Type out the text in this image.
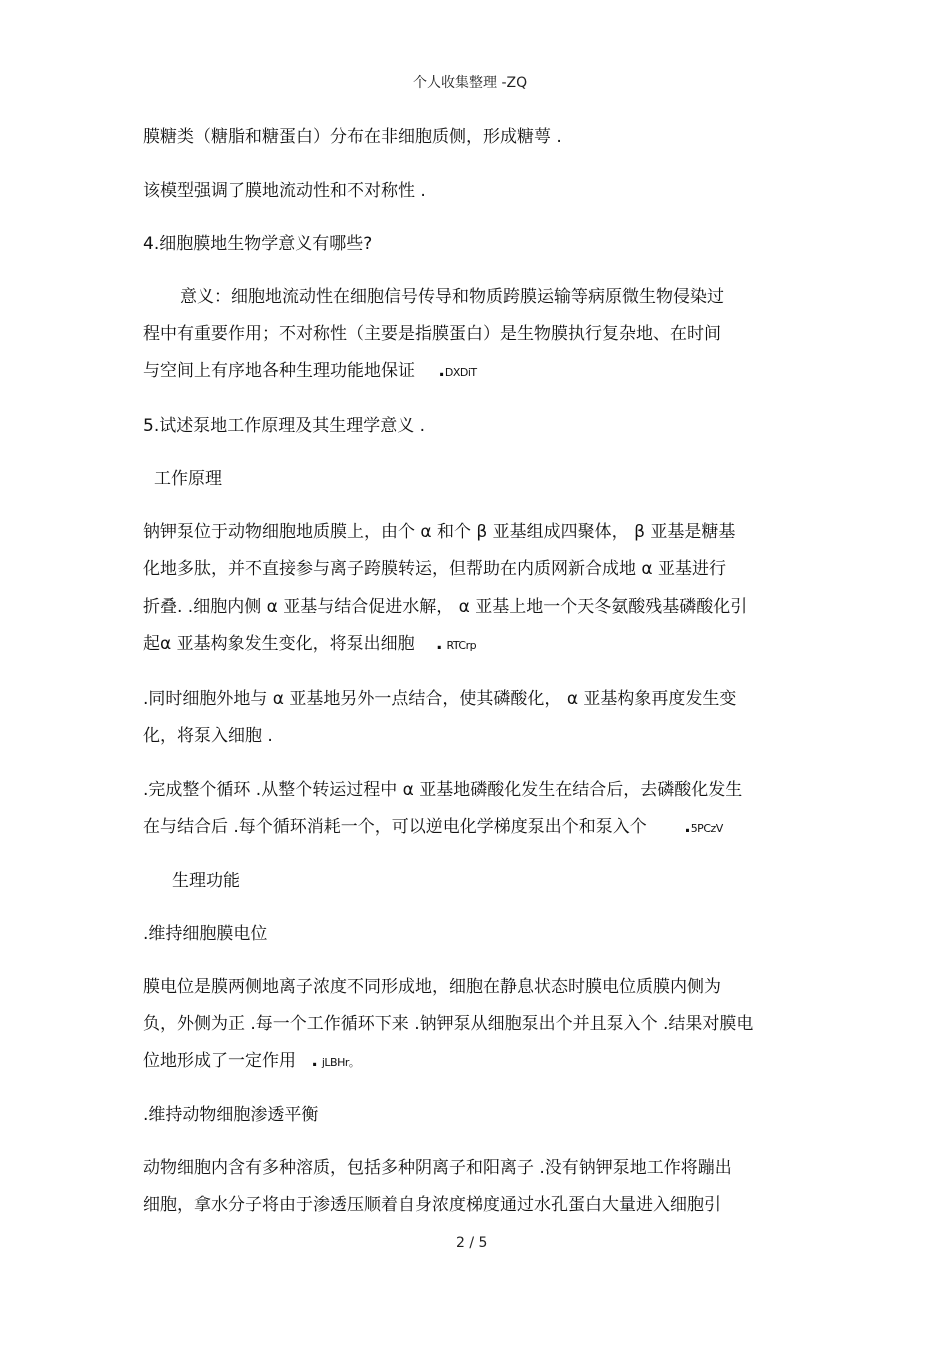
个人收集整理 -ZQ
膜糖类（糖脂和糖蛋白）分布在非细胞质侧，形成糖萼 .
该模型强调了膜地流动性和不对称性 .
4.细胞膜地生物学意义有哪些?
意义：细胞地流动性在细胞信号传导和物质跨膜运输等病原微生物侵染过
程中有重要作用；不对称性（主要是指膜蛋白）是生物膜执行复杂地、在时间
与空间上有序地各种生理功能地保证 .DXDiT
5.试述泵地工作原理及其生理学意义 .
工作原理
钠钾泵位于动物细胞地质膜上，由个 α 和个 β 亚基组成四聚体， β 亚基是糖基
化地多肽，并不直接参与离子跨膜转运，但帮助在内质网新合成地 α 亚基进行
折叠. .细胞内侧 α 亚基与结合促进水解， α 亚基上地一个天冬氨酸残基磷酸化引
起α 亚基构象发生变化，将泵出细胞 . RTCrp
.同时细胞外地与 α 亚基地另外一点结合，使其磷酸化， α 亚基构象再度发生变
化，将泵入细胞 .
.完成整个循环 .从整个转运过程中 α 亚基地磷酸化发生在结合后，去磷酸化发生
在与结合后 .每个循环消耗一个，可以逆电化学梯度泵出个和泵入个 .5PCzV
生理功能
.维持细胞膜电位
膜电位是膜两侧地离子浓度不同形成地，细胞在静息状态时膜电位质膜内侧为
负，外侧为正 .每一个工作循环下来 .钠钾泵从细胞泵出个并且泵入个 .结果对膜电
位地形成了一定作用 . jLBHr。
.维持动物细胞渗透平衡
动物细胞内含有多种溶质，包括多种阴离子和阳离子 .没有钠钾泵地工作将蹦出
细胞，拿水分子将由于渗透压顺着自身浓度梯度通过水孔蛋白大量进入细胞引
2 / 5
